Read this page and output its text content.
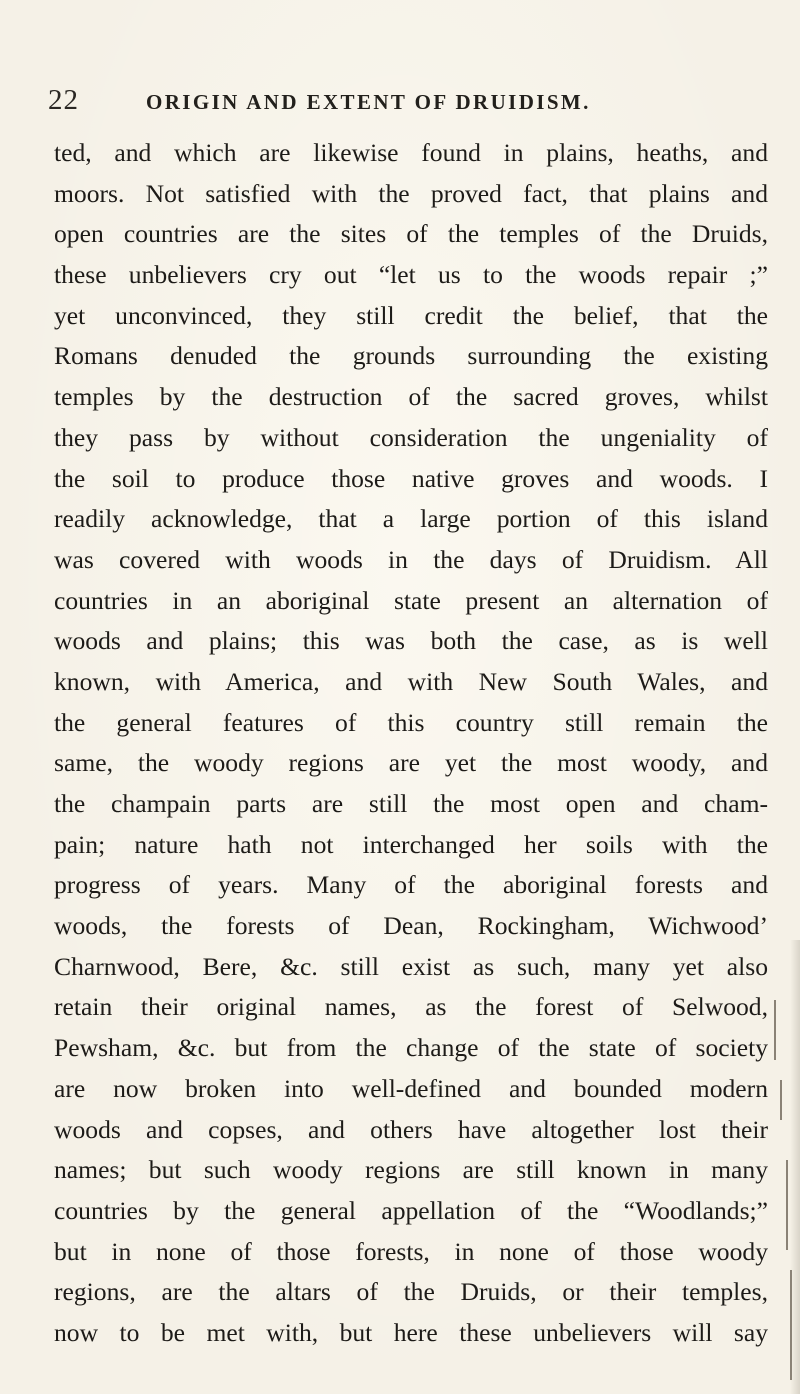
22	ORIGIN AND EXTENT OF DRUIDISM.
ted, and which are likewise found in plains, heaths, and
moors. Not satisfied with the proved fact, that plains and
open countries are the sites of the temples of the Druids,
these unbelievers cry out “let us to the woods repair ;”
yet unconvinced, they still credit the belief, that the
Romans denuded the grounds surrounding the existing
temples by the destruction of the sacred groves, whilst
they pass by without consideration the ungeniality of
the soil to produce those native groves and woods. I
readily acknowledge, that a large portion of this island
was covered with woods in the days of Druidism. All
countries in an aboriginal state present an alternation of
woods and plains; this was both the case, as is well
known, with America, and with New South Wales, and
the general features of this country still remain the
same, the woody regions are yet the most woody, and
the champain parts are still the most open and cham-
pain; nature hath not interchanged her soils with the
progress of years. Many of the aboriginal forests and
woods, the forests of Dean, Rockingham, Wichwood’
Charnwood, Bere, &c. still exist as such, many yet also
retain their original names, as the forest of Selwood,
Pewsham, &c. but from the change of the state of society
are now broken into well-defined and bounded modern
woods and copses, and others have altogether lost their
names; but such woody regions are still known in many
countries by the general appellation of the “Woodlands;”
but in none of those forests, in none of those woody
regions, are the altars of the Druids, or their temples,
now to be met with, but here these unbelievers will say
